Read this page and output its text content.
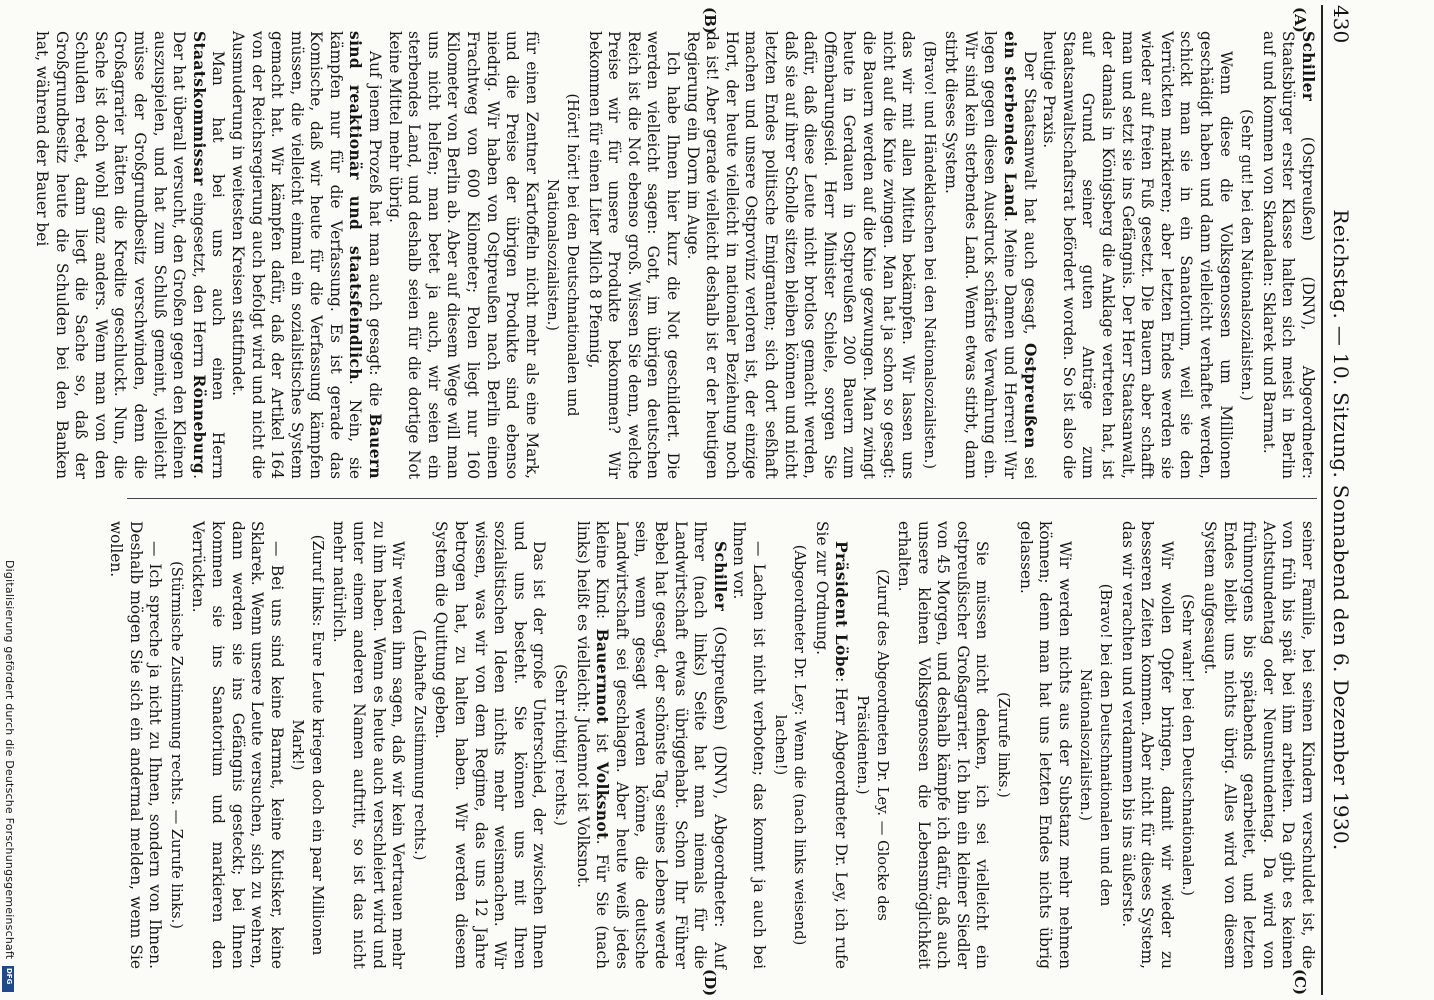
430
Reichstag. — 10. Sitzung. Sonnabend den 6. Dezember 1930.
(A)
(B)
(C)
(D)

Schiller (Ostpreußen) (DNV), Abgeordneter: Staatsbürger erster Klasse halten sich meist in Berlin auf und kommen von Skandalen: Sklarek und Barmat.

(Sehr gut! bei den Nationalsozialisten.)

Wenn diese die Volksgenossen um Millionen geschädigt haben und dann vielleicht verhaftet werden, schickt man sie in ein Sanatorium, weil sie den Verrückten markieren; aber letzten Endes werden sie wieder auf freien Fuß gesetzt. Die Bauern aber schafft man und setzt sie ins Gefängnis. Der Herr Staatsanwalt, der damals in Königsberg die Anklage vertreten hat, ist auf Grund seiner guten Anträge zum Staatsanwaltschaftsrat befördert worden. So ist also die heutige Praxis.

Der Staatsanwalt hat auch gesagt, Ostpreußen sei ein sterbendes Land. Meine Damen und Herren! Wir legen gegen diesen Ausdruck schärfste Verwahrung ein. Wir sind kein sterbendes Land. Wenn etwas stirbt, dann stirbt dieses System.

(Bravo! und Händeklatschen bei den Nationalsozialisten.)

das wir mit allen Mitteln bekämpfen. Wir lassen uns nicht auf die Knie zwingen. Man hat ja schon so gesagt: die Bauern werden auf die Knie gezwungen. Man zwingt heute in Gerdauen in Ostpreußen 200 Bauern zum Offenbarungseid. Herr Minister Schiele, sorgen Sie dafür, daß diese Leute nicht brotlos gemacht werden, daß sie auf ihrer Scholle sitzen bleiben können und nicht letzten Endes politische Emigranten; sich dort seßhaft machen und unsere Ostprovinz verloren ist, der einzige Hort, der heute vielleicht in nationaler Beziehung noch da ist! Aber gerade vielleicht deshalb ist er der heutigen Regierung ein Dorn im Auge.

Ich habe Ihnen hier kurz die Not geschildert. Die werden vielleicht sagen: Gott, im übrigen deutschen Reich ist die Not ebenso groß. Wissen Sie denn, welche Preise wir für unsere Produkte bekommen? Wir bekommen für einen Liter Milch 8 Pfennig,

(Hört! hört! bei den Deutschnationalen und Nationalsozialisten.)

für einen Zentner Kartoffeln nicht mehr als eine Mark, und die Preise der übrigen Produkte sind ebenso niedrig. Wir haben von Ostpreußen nach Berlin einen Frachtweg von 600 Kilometer; Polen liegt nur 160 Kilometer von Berlin ab. Aber auf diesem Wege will man uns nicht helfen; man betet ja auch, wir seien ein sterbendes Land, und deshalb seien für die dortige Not keine Mittel mehr übrig.

Auf jenem Prozeß hat man auch gesagt: die Bauern sind reaktionär und staatsfeindlich. Nein, sie kämpfen nur für die Verfassung. Es ist gerade das Komische, daß wir heute für die Verfassung kämpfen müssen, die vielleicht einmal ein sozialistisches System gemacht hat. Wir kämpfen dafür, daß der Artikel 164 von der Reichsregierung auch befolgt wird und nicht die Ausmuderung in weitesten Kreisen stattfindet.

Man hat bei uns auch einen Herrn Staatskommissar eingesetzt, den Herrn Rönneburg. Der hat überall versucht, den Großen gegen den Kleinen auszuspielen, und hat zum Schluß gemeint, vielleicht müsse der Großgrundbesitz verschwinden, denn die Großagrarier hätten die Kredite geschluckt. Nun, die Sache ist doch wohl ganz anders. Wenn man von den Schulden redet, dann liegt die Sache so, daß der Großgrundbesitz heute die Schulden bei den Banken hat, während der Bauer bei

seiner Familie, bei seinen Kindern verschuldet ist, die von früh bis spät bei ihm arbeiten. Da gibt es keinen Achtstundentag oder Neunstundentag. Da wird von frühmorgens bis spätabends gearbeitet, und letzten Endes bleibt uns nichts übrig. Alles wird von diesem System aufgesaugt.

(Sehr wahr! bei den Deutschnationalen.)

Wir wollen Opfer bringen, damit wir wieder zu besseren Zeiten kommen. Aber nicht für dieses System, das wir verachten und verdammen bis ins äußerste.

(Bravo! bei den Deutschnationalen und den Nationalsozialisten.)

Wir werden nichts aus der Substanz mehr nehmen können; denn man hat uns letzten Endes nichts übrig gelassen.

(Zurufe links.)

Sie müssen nicht denken, ich sei vielleicht ein ostpreußischer Großagrarier. Ich bin ein kleiner Siedler von 45 Morgen, und deshalb kämpfe ich dafür, daß auch unsere kleinen Volksgenossen die Lebensmöglichkeit erhalten.

(Zuruf des Abgeordneten Dr. Ley. — Glocke des Präsidenten.)

Präsident Löbe: Herr Abgeordneter Dr. Ley, ich rufe Sie zur Ordnung.

(Abgeordneter Dr. Ley: Wenn die (nach links weisend) lachen!)

— Lachen ist nicht verboten; das kommt ja auch bei Ihnen vor.

Schiller (Ostpreußen) (DNV), Abgeordneter: Auf Ihrer (nach links) Seite hat man niemals für die Landwirtschaft etwas übriggehabt. Schon Ihr Führer Bebel hat gesagt, der schönste Tag seines Lebens werde sein, wenn gesagt werden könne, die deutsche Landwirtschaft sei geschlagen. Aber heute weiß jedes kleine Kind: Bauernnot ist Volksnot. Für Sie (nach links) heißt es vielleicht: Judennot ist Volksnot.

(Sehr richtig! rechts.)

Das ist der große Unterschied, der zwischen Ihnen und uns besteht. Sie können uns mit Ihren sozialistischen Ideen nichts mehr weismachen. Wir wissen, was wir von dem Regime, das uns 12 Jahre betrogen hat, zu halten haben. Wir werden diesem System die Quittung geben.

(Lebhafte Zustimmung rechts.)

Wir werden ihm sagen, daß wir kein Vertrauen mehr zu ihm haben. Wenn es heute auch verschleiert wird und unter einem anderen Namen auftritt, so ist das nicht mehr natürlich.

(Zuruf links: Eure Leute kriegen doch ein paar Millionen Mark!)

— Bei uns sind keine Barmat, keine Kutisker, keine Sklarek. Wenn unsere Leute versuchen, sich zu wehren, dann werden sie ins Gefängnis gesteckt; bei Ihnen kommen sie ins Sanatorium und markieren den Verrückten.

(Stürmische Zustimmung rechts. — Zurufe links.)

— Ich spreche ja nicht zu Ihnen, sondern von Ihnen. Deshalb mögen Sie sich ein andermal melden, wenn Sie wollen.

Digitalisierung gefördert durch die Deutsche Forschungsgemeinschaft
DFG
